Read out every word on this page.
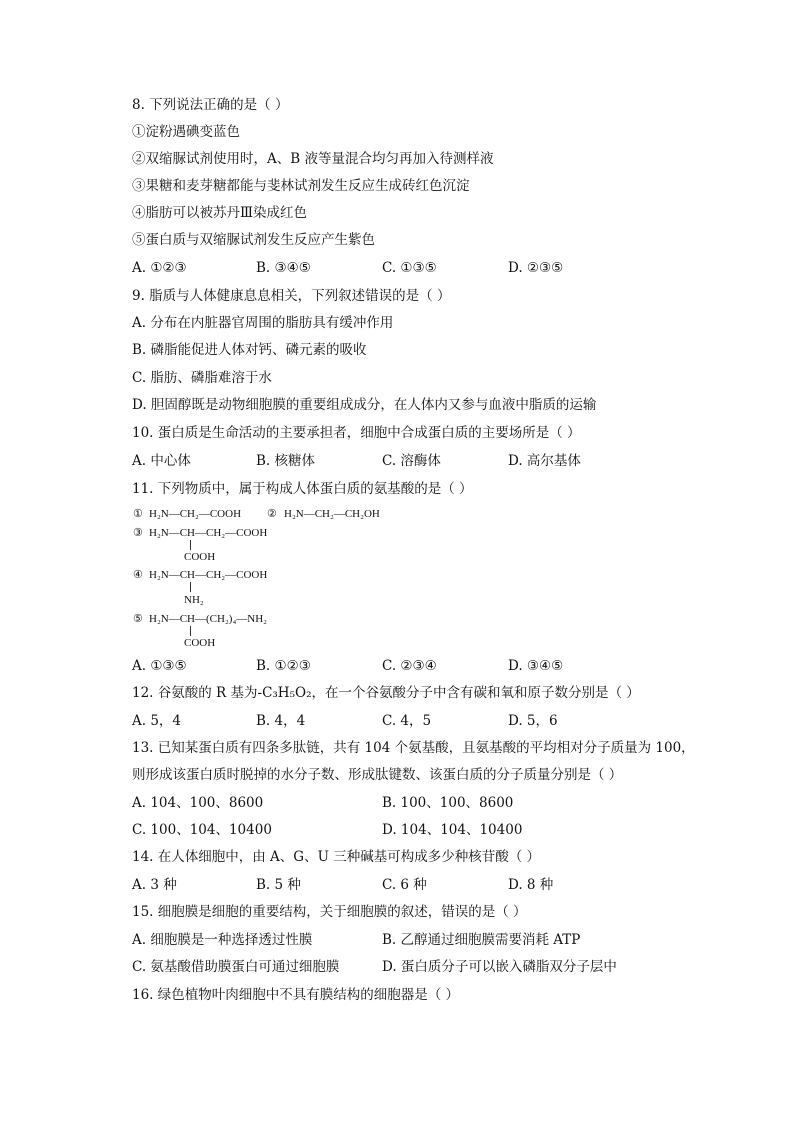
8. 下列说法正确的是（ ）
①淀粉遇碘变蓝色
②双缩脲试剂使用时，A、B 液等量混合均匀再加入待测样液
③果糖和麦芽糖都能与斐林试剂发生反应生成砖红色沉淀
④脂肪可以被苏丹Ⅲ染成红色
⑤蛋白质与双缩脲试剂发生反应产生紫色
A. ①②③	B. ③④⑤	C. ①③⑤	D. ②③⑤
9. 脂质与人体健康息息相关，下列叙述错误的是（ ）
A. 分布在内脏器官周围的脂肪具有缓冲作用
B. 磷脂能促进人体对钙、磷元素的吸收
C. 脂肪、磷脂难溶于水
D. 胆固醇既是动物细胞膜的重要组成成分，在人体内又参与血液中脂质的运输
10. 蛋白质是生命活动的主要承担者，细胞中合成蛋白质的主要场所是（ ）
A. 中心体	B. 核糖体	C. 溶酶体	D. 高尔基体
11. 下列物质中，属于构成人体蛋白质的氨基酸的是（ ）
① H₂N—CH₂—COOH ② H₂N—CH₂—CH₂OH
③ H₂N—CH—CH₂—COOH
COOH
④ H₂N—CH—CH₂—COOH
NH₂
⑤ H₂N—CH—(CH₂)₄—NH₂
COOH
A. ①③⑤	B. ①②③	C. ②③④	D. ③④⑤
12. 谷氨酸的 R 基为-C₃H₅O₂，在一个谷氨酸分子中含有碳和氧和原子数分别是（ ）
A. 5，4	B. 4，4	C. 4，5	D. 5，6
13. 已知某蛋白质有四条多肽链，共有 104 个氨基酸，且氨基酸的平均相对分子质量为 100，
则形成该蛋白质时脱掉的水分子数、形成肽键数、该蛋白质的分子质量分别是（ ）
A. 104、100、8600	B. 100、100、8600
C. 100、104、10400	D. 104、104、10400
14. 在人体细胞中，由 A、G、U 三种碱基可构成多少种核苷酸（ ）
A. 3 种	B. 5 种	C. 6 种	D. 8 种
15. 细胞膜是细胞的重要结构，关于细胞膜的叙述，错误的是（ ）
A. 细胞膜是一种选择透过性膜	B. 乙醇通过细胞膜需要消耗 ATP
C. 氨基酸借助膜蛋白可通过细胞膜	D. 蛋白质分子可以嵌入磷脂双分子层中
16. 绿色植物叶肉细胞中不具有膜结构的细胞器是（ ）
